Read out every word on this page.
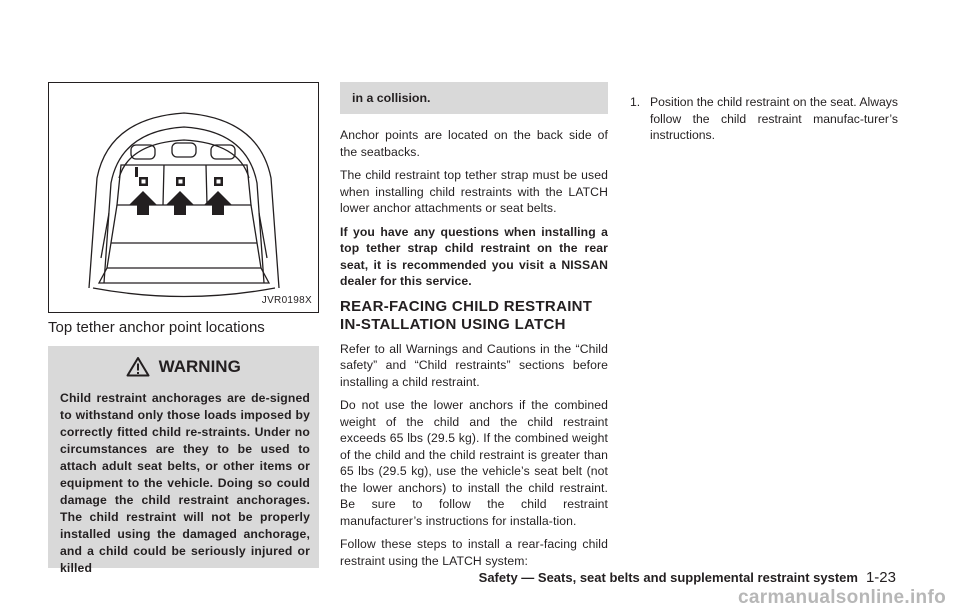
JVR0198X
Top tether anchor point locations
WARNING
Child restraint anchorages are de-signed to withstand only those loads imposed by correctly fitted child re-straints. Under no circumstances are they to be used to attach adult seat belts, or other items or equipment to the vehicle. Doing so could damage the child restraint anchorages. The child restraint will not be properly installed using the damaged anchorage, and a child could be seriously injured or killed
in a collision.

Anchor points are located on the back side of the seatbacks.

The child restraint top tether strap must be used when installing child restraints with the LATCH lower anchor attachments or seat belts.

If you have any questions when installing a top tether strap child restraint on the rear seat, it is recommended you visit a NISSAN dealer for this service.

REAR-FACING CHILD RESTRAINT IN-STALLATION USING LATCH

Refer to all Warnings and Cautions in the “Child safety” and “Child restraints” sections before installing a child restraint.

Do not use the lower anchors if the combined weight of the child and the child restraint exceeds 65 lbs (29.5 kg). If the combined weight of the child and the child restraint is greater than 65 lbs (29.5 kg), use the vehicle’s seat belt (not the lower anchors) to install the child restraint. Be sure to follow the child restraint manufacturer’s instructions for installa-tion.

Follow these steps to install a rear-facing child restraint using the LATCH system:

1. Position the child restraint on the seat. Always follow the child restraint manufac-turer’s instructions.
Safety — Seats, seat belts and supplemental restraint system 1-23
carmanualsonline.info
